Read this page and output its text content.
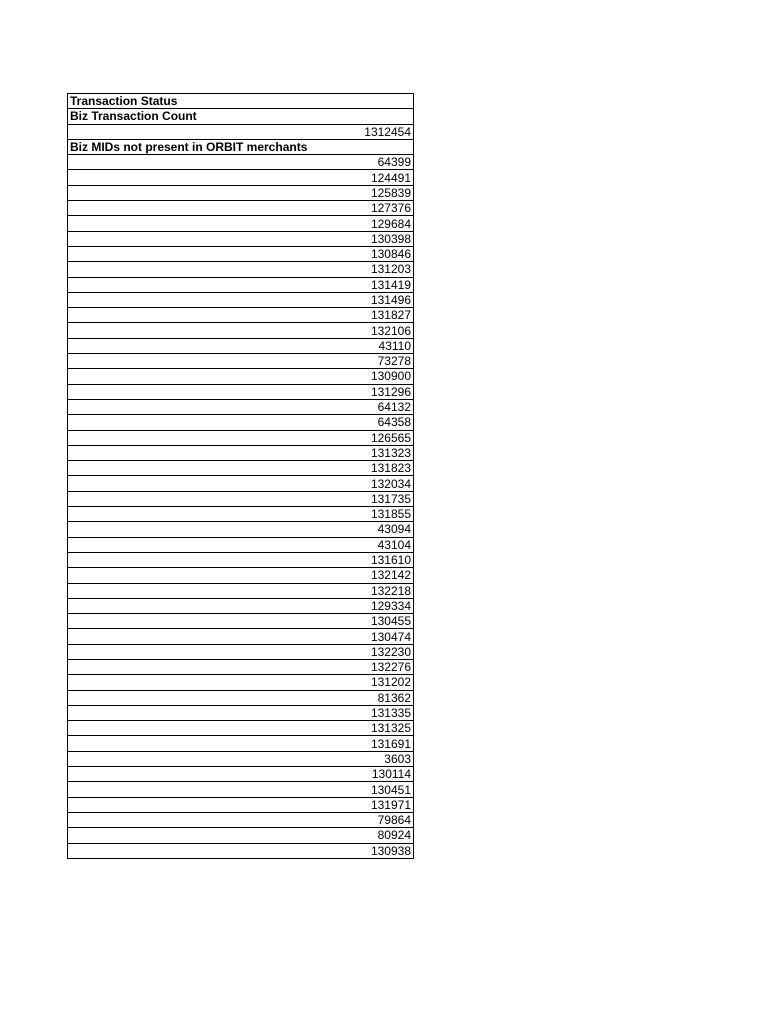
Transaction Status
Biz Transaction Count
1312454
Biz MIDs not present in ORBIT merchants
64399
124491
125839
127376
129684
130398
130846
131203
131419
131496
131827
132106
43110
73278
130900
131296
64132
64358
126565
131323
131823
132034
131735
131855
43094
43104
131610
132142
132218
129334
130455
130474
132230
132276
131202
81362
131335
131325
131691
3603
130114
130451
131971
79864
80924
130938
